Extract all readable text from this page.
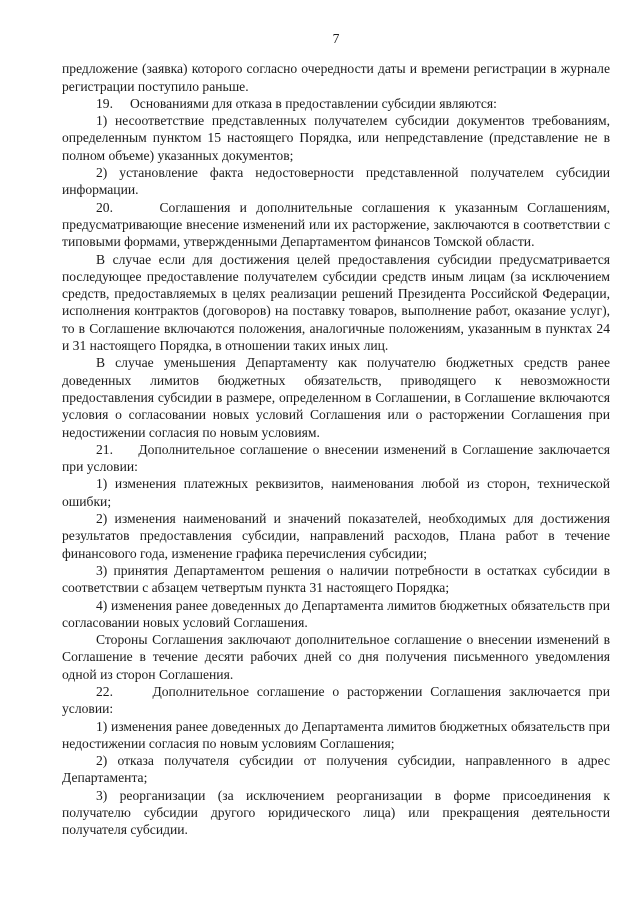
7

предложение (заявка) которого согласно очередности даты и времени регистрации в журнале регистрации поступило раньше.

19.     Основаниями для отказа в предоставлении субсидии являются:

1) несоответствие представленных получателем субсидии документов требованиям, определенным пунктом 15 настоящего Порядка, или непредставление (представление не в полном объеме) указанных документов;

2) установление факта недостоверности представленной получателем субсидии информации.

20.     Соглашения и дополнительные соглашения к указанным Соглашениям, предусматривающие внесение изменений или их расторжение, заключаются в соответствии с типовыми формами, утвержденными Департаментом финансов Томской области.

В случае если для достижения целей предоставления субсидии предусматривается последующее предоставление получателем субсидии средств иным лицам (за исключением средств, предоставляемых в целях реализации решений Президента Российской Федерации, исполнения контрактов (договоров) на поставку товаров, выполнение работ, оказание услуг), то в Соглашение включаются положения, аналогичные положениям, указанным в пунктах 24 и 31 настоящего Порядка, в отношении таких иных лиц.

В случае уменьшения Департаменту как получателю бюджетных средств ранее доведенных лимитов бюджетных обязательств, приводящего к невозможности предоставления субсидии в размере, определенном в Соглашении, в Соглашение включаются условия о согласовании новых условий Соглашения или о расторжении Соглашения при недостижении согласия по новым условиям.

21.     Дополнительное соглашение о внесении изменений в Соглашение заключается при условии:

1) изменения платежных реквизитов, наименования любой из сторон, технической ошибки;

2) изменения наименований и значений показателей, необходимых для достижения результатов предоставления субсидии, направлений расходов, Плана работ в течение финансового года, изменение графика перечисления субсидии;

3) принятия Департаментом решения о наличии потребности в остатках субсидии в соответствии с абзацем четвертым пункта 31 настоящего Порядка;

4) изменения ранее доведенных до Департамента лимитов бюджетных обязательств при согласовании новых условий Соглашения.

Стороны Соглашения заключают дополнительное соглашение о внесении изменений в Соглашение в течение десяти рабочих дней со дня получения письменного уведомления одной из сторон Соглашения.

22.     Дополнительное соглашение о расторжении Соглашения заключается при условии:

1) изменения ранее доведенных до Департамента лимитов бюджетных обязательств при недостижении согласия по новым условиям Соглашения;

2) отказа получателя субсидии от получения субсидии, направленного в адрес Департамента;

3) реорганизации (за исключением реорганизации в форме присоединения к получателю субсидии другого юридического лица) или прекращения деятельности получателя субсидии.
